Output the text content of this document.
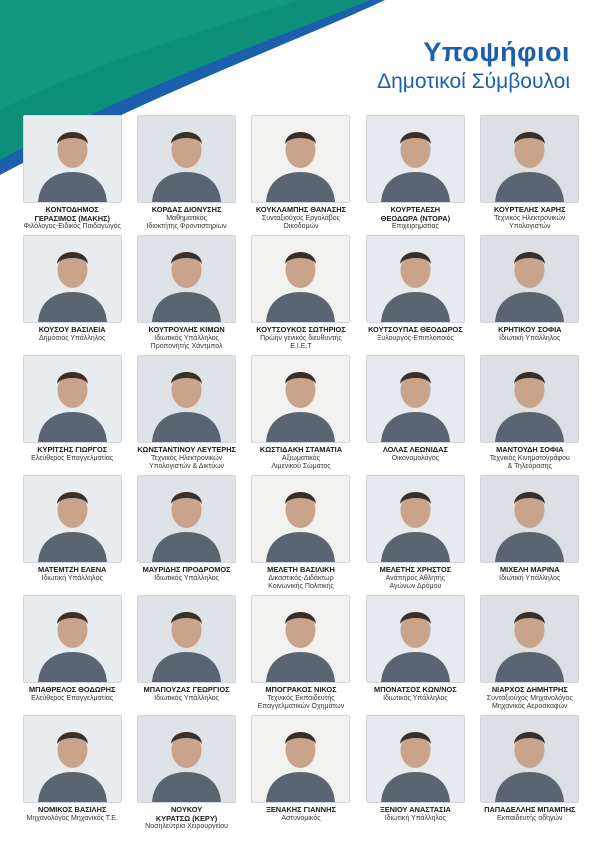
Υποψήφιοι
Δημοτικοί Σύμβουλοι
ΚΟΝΤΟΔΗΜΟΣ
ΓΕΡΑΣΙΜΟΣ (ΜΑΚΗΣ)
Φιλόλογος-Ειδικός Παιδαγωγός
ΚΟΡΔΑΣ ΔΙΟΝΥΣΗΣ
Μαθηματικός
Ιδιοκτήτης Φροντιστηρίων
ΚΟΥΚΛΑΜΠΗΣ ΘΑΝΑΣΗΣ
Συνταξιούχος Εργολάβος
Οικοδομών
ΚΟΥΡΤΕΛΕΣΗ
ΘΕΟΔΩΡΑ (ΝΤΟΡΑ)
Επιχειρηματίας
ΚΟΥΡΤΕΛΗΣ ΧΑΡΗΣ
Τεχνικός Ηλεκτρονικών
Υπολογιστών
ΚΟΥΣΟΥ ΒΑΣΙΛΕΙΑ
Δημόσιος Υπάλληλος
ΚΟΥΤΡΟΥΛΗΣ ΚΙΜΩΝ
Ιδιωτικός Υπάλληλος
Προπονητής Χάντμπολ
ΚΟΥΤΣΟΥΚΟΣ ΣΩΤΗΡΙΟΣ
Πρώην γενικός διευθυντής
Ε.Ι.Ε.Τ
ΚΟΥΤΣΟΥΠΑΣ ΘΕΟΔΩΡΟΣ
Ξυλουργός-Επιπλοποιός
ΚΡΗΤΙΚΟΥ ΣΟΦΙΑ
Ιδιωτική Υπάλληλος
ΚΥΡΙΤΣΗΣ ΓΙΩΡΓΟΣ
Ελεύθερος Επαγγελματίας
ΚΩΝΣΤΑΝΤΙΝΟΥ ΛΕΥΤΕΡΗΣ
Τεχνικός Ηλεκτρονικών
Υπολογιστών & Δικτύων
ΚΩΣΤΙΔΑΚΗ ΣΤΑΜΑΤΙΑ
Αξιωματικός
Λιμενικού Σώματος
ΛΟΛΑΣ ΛΕΩΝΙΔΑΣ
Οικονομολόγος
ΜΑΝΤΟΥΔΗ ΣΟΦΙΑ
Τεχνικός Κινηματογράφου
& Τηλεόρασης
ΜΑΤΕΜΤΖΗ ΕΛΕΝΑ
Ιδιωτική Υπάλληλος
ΜΑΥΡΙΔΗΣ ΠΡΟΔΡΟΜΟΣ
Ιδιωτικός Υπάλληλος
ΜΕΛΕΤΗ ΒΑΣΙΛΙΚΗ
Δικαστικός-Διδάκτωρ
Κοινωνικής Πολιτικής
ΜΕΛΕΤΗΣ ΧΡΗΣΤΟΣ
Ανάπηρος Αθλητής
Αγώνων Δρόμου
ΜΙΧΕΛΗ ΜΑΡΙΝΑ
Ιδιωτική Υπάλληλος
ΜΠΑΘΡΕΛΟΣ ΘΟΔΩΡΗΣ
Ελεύθερος Επαγγελματίας
ΜΠΑΠΟΥΖΑΣ ΓΕΩΡΓΙΟΣ
Ιδιωτικός Υπάλληλος
ΜΠΟΓΡΑΚΟΣ ΝΙΚΟΣ
Τεχνικός Εκπαιδευτής
Επαγγελματικών Οχημάτων
ΜΠΟΝΑΤΣΟΣ ΚΩΝ/ΝΟΣ
Ιδιωτικός Υπάλληλος
ΝΙΑΡΧΟΣ ΔΗΜΗΤΡΗΣ
Συνταξιούχος Μηχανολόγος
Μηχανικός Αεροσκαφών
ΝΟΜΙΚΟΣ ΒΑΣΙΛΗΣ
Μηχανολόγος Μηχανικός Τ.Ε.
ΝΟΥΚΟΥ
ΚΥΡΑΤΣΩ (ΚΕΡΥ)
Νοσηλεύτρια Χειρουργείου
ΞΕΝΑΚΗΣ ΓΙΑΝΝΗΣ
Αστυνομικός
ΞΕΝΙΟΥ ΑΝΑΣΤΑΣΙΑ
Ιδιωτική Υπάλληλος
ΠΑΠΑΔΕΛΛΗΣ ΜΠΑΜΠΗΣ
Εκπαιδευτής οδηγών
